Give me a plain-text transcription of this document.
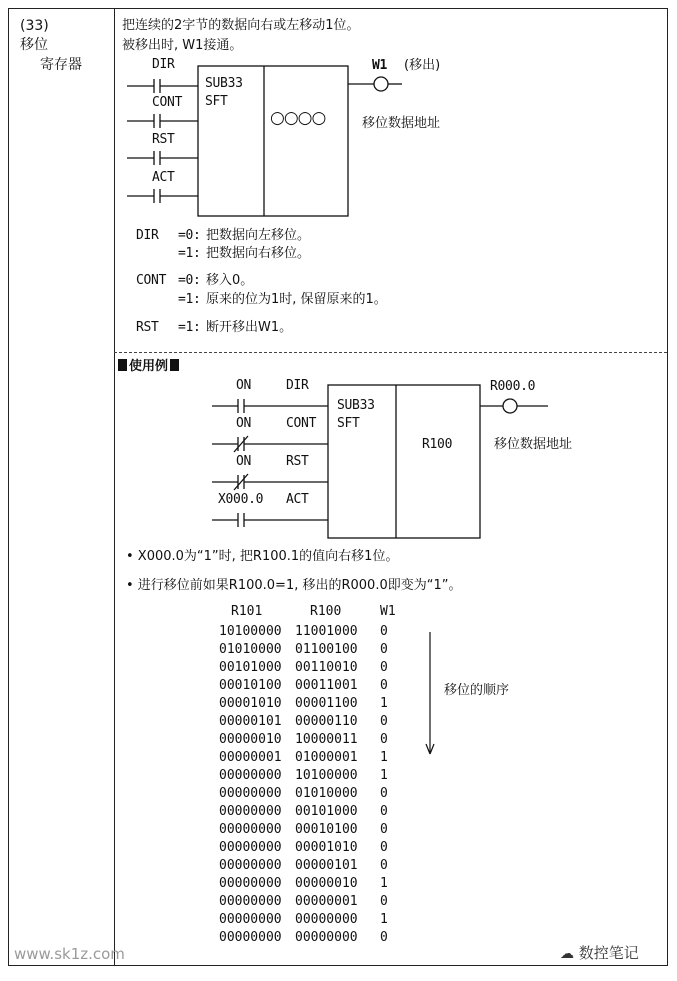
(33)
移位
寄存器
把连续的2字节的数据向右或左移动1位。
被移出时, W1接通。
DIR
CONT
RST
ACT
SUB33
SFT
○○○○	移位数据地址
W1 (移出)
DIR =0: 把数据向左移位。
=1: 把数据向右移位。
CONT =0: 移入0。
=1: 原来的位为1时, 保留原来的1。
RST =1: 断开移出W1。
使用例
ON
ON
ON
X000.0
DIR
CONT
RST
ACT
SUB33
SFT
R100	移位数据地址
R000.0
• X000.0为“1”时, 把R100.1的值向右移1位。
• 进行移位前如果R100.0=1, 移出的R000.0即变为“1”。
R101	R100	W1
10100000 11001000 0
01010000 01100100 0
00101000 00110010 0
00010100 00011001 0
00001010 00001100 1
00000101 00000110 0
00000010 10000011 0
00000001 01000001 1
00000000 10100000 1
00000000 01010000 0
00000000 00101000 0
00000000 00010100 0
00000000 00001010 0
00000000 00000101 0
00000000 00000010 1
00000000 00000001 0
00000000 00000000 1
00000000 00000000 0
移位的顺序
www.sk1z.com	☁ 数控笔记
